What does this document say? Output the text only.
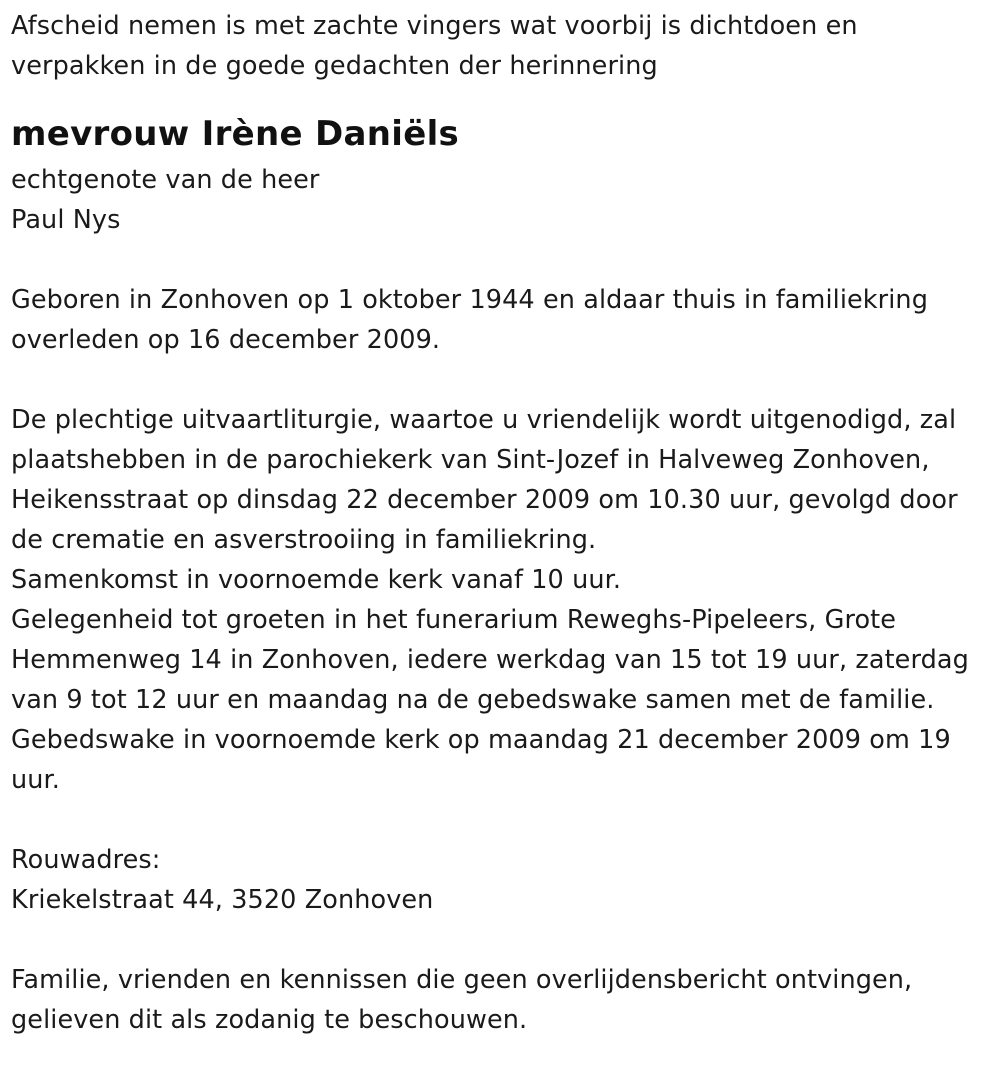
Afscheid nemen is met zachte vingers wat voorbij is dichtdoen en
verpakken in de goede gedachten der herinnering
mevrouw Irène Daniëls
echtgenote van de heer
Paul Nys
Geboren in Zonhoven op 1 oktober 1944 en aldaar thuis in familiekring
overleden op 16 december 2009.
De plechtige uitvaartliturgie, waartoe u vriendelijk wordt uitgenodigd, zal
plaatshebben in de parochiekerk van Sint-Jozef in Halveweg Zonhoven,
Heikensstraat op dinsdag 22 december 2009 om 10.30 uur, gevolgd door
de crematie en asverstrooiing in familiekring.
Samenkomst in voornoemde kerk vanaf 10 uur.
Gelegenheid tot groeten in het funerarium Reweghs-Pipeleers, Grote
Hemmenweg 14 in Zonhoven, iedere werkdag van 15 tot 19 uur, zaterdag
van 9 tot 12 uur en maandag na de gebedswake samen met de familie.
Gebedswake in voornoemde kerk op maandag 21 december 2009 om 19
uur.
Rouwadres:
Kriekelstraat 44, 3520 Zonhoven
Familie, vrienden en kennissen die geen overlijdensbericht ontvingen,
gelieven dit als zodanig te beschouwen.
